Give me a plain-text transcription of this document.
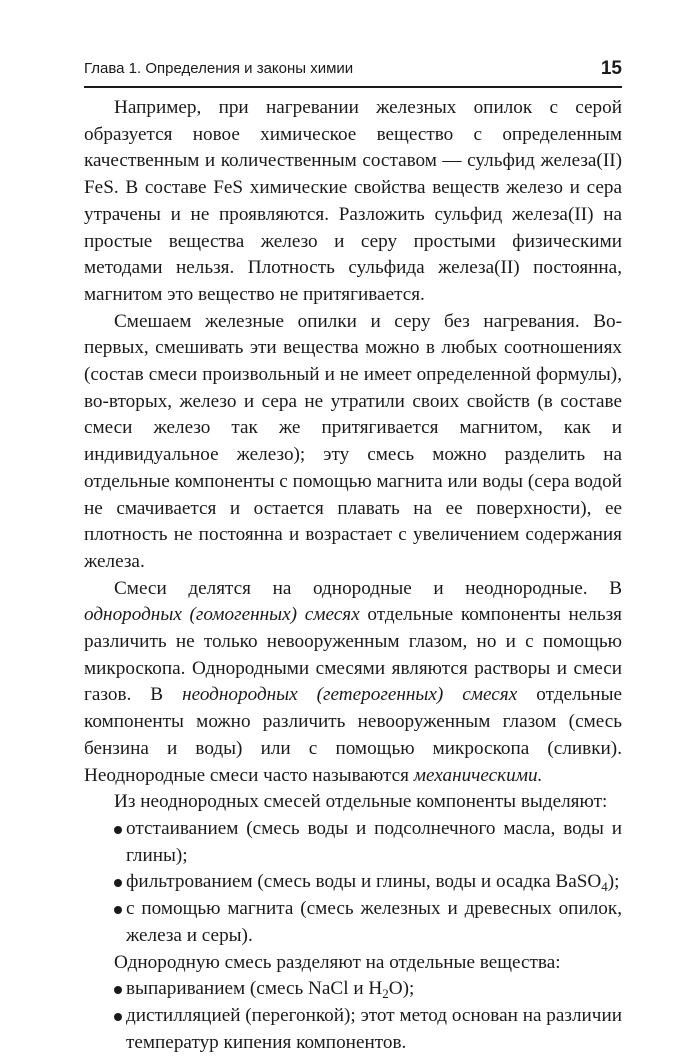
Глава 1. Определения и законы химии	15

Например, при нагревании железных опилок с серой образуется новое химическое вещество с определенным качественным и количественным составом — сульфид железа(II) FeS. В составе FeS химические свойства веществ железо и сера утрачены и не проявляются. Разложить сульфид железа(II) на простые вещества железо и серу простыми физическими методами нельзя. Плотность сульфида железа(II) постоянна, магнитом это вещество не притягивается.

Смешаем железные опилки и серу без нагревания. Во-первых, смешивать эти вещества можно в любых соотношениях (состав смеси произвольный и не имеет определенной формулы), во-вторых, железо и сера не утратили своих свойств (в составе смеси железо так же притягивается магнитом, как и индивидуальное железо); эту смесь можно разделить на отдельные компоненты с помощью магнита или воды (сера водой не смачивается и остается плавать на ее поверхности), ее плотность не постоянна и возрастает с увеличением содержания железа.

Смеси делятся на однородные и неоднородные. В однородных (гомогенных) смесях отдельные компоненты нельзя различить не только невооруженным глазом, но и с помощью микроскопа. Однородными смесями являются растворы и смеси газов. В неоднородных (гетерогенных) смесях отдельные компоненты можно различить невооруженным глазом (смесь бензина и воды) или с помощью микроскопа (сливки). Неоднородные смеси часто называются механическими.

Из неоднородных смесей отдельные компоненты выделяют:

отстаиванием (смесь воды и подсолнечного масла, воды и глины);
фильтрованием (смесь воды и глины, воды и осадка BaSO$_4$);
с помощью магнита (смесь железных и древесных опилок, железа и серы).

Однородную смесь разделяют на отдельные вещества:

выпариванием (смесь NaCl и $H_2O$);
дистилляцией (перегонкой); этот метод основан на различии температур кипения компонентов.
